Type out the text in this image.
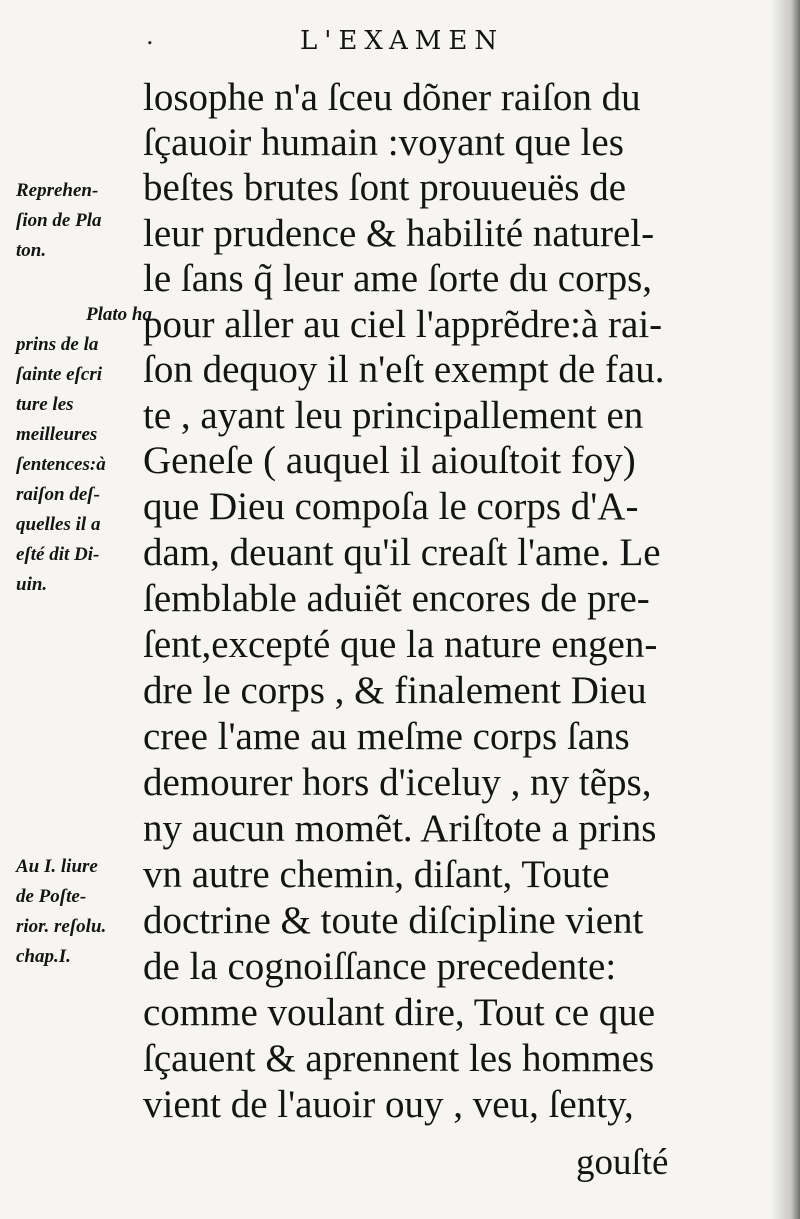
.	L'EXAMEN
Reprehen-
ſion de Pla
ton.
Plato ha
prins de la
ſainte eſcri
ture les
meilleures
ſentences:à
raiſon deſ-
quelles il a
eſté dit Di-
uin.
Au I. liure
de Poſte-
rior. reſolu.
chap.I.
losophe n'a ſceu dõner raiſon du
ſçauoir humain :voyant que les
beſtes brutes ſont prouueuës de
leur prudence & habilité naturel-
le ſans q̃ leur ame ſorte du corps,
pour aller au ciel l'apprẽdre:à rai-
ſon dequoy il n'eſt exempt de fau.
te , ayant leu principallement en
Geneſe ( auquel il aiouſtoit foy)
que Dieu compoſa le corps d'A-
dam, deuant qu'il creaſt l'ame. Le
ſemblable aduiẽt encores de pre-
ſent,excepté que la nature engen-
dre le corps , & finalement Dieu
cree l'ame au meſme corps ſans
demourer hors d'iceluy , ny tẽps,
ny aucun momẽt. Ariſtote a prins
vn autre chemin, diſant, Toute
doctrine & toute diſcipline vient
de la cognoiſſance precedente:
comme voulant dire, Tout ce que
ſçauent & aprennent les hommes
vient de l'auoir ouy , veu, ſenty,
gouſté
